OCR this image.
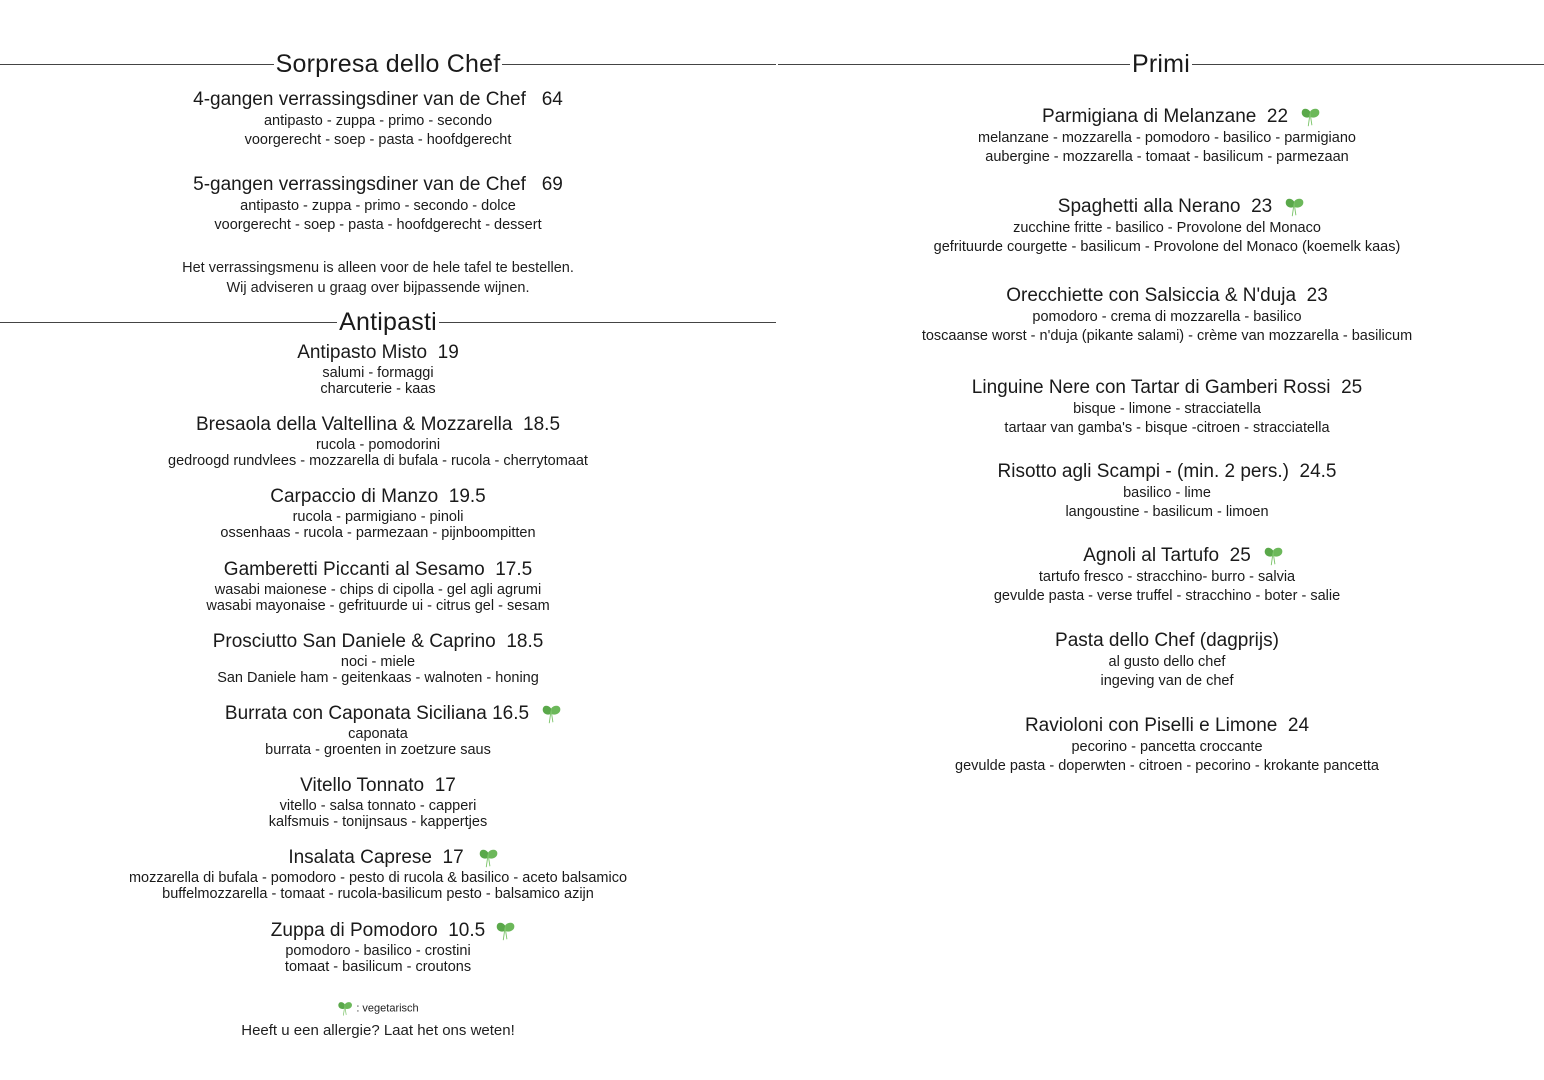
Sorpresa dello Chef
4-gangen verrassingsdiner van de Chef
64
antipasto - zuppa - primo - secondo
voorgerecht - soep - pasta - hoofdgerecht
5-gangen verrassingsdiner van de Chef
69
antipasto - zuppa - primo - secondo - dolce
voorgerecht - soep - pasta - hoofdgerecht - dessert
Het verrassingsmenu is alleen voor de hele tafel te bestellen.
Wij adviseren u graag over bijpassende wijnen.
Antipasti
Antipasto Misto
19
salumi - formaggi
charcuterie - kaas
Bresaola della Valtellina & Mozzarella
18.5
rucola - pomodorini
gedroogd rundvlees - mozzarella di bufala - rucola - cherrytomaat
Carpaccio di Manzo
19.5
rucola - parmigiano - pinoli
ossenhaas - rucola - parmezaan - pijnboompitten
Gamberetti Piccanti al Sesamo
17.5
wasabi maionese - chips di cipolla - gel agli agrumi
wasabi mayonaise - gefrituurde ui - citrus gel - sesam
Prosciutto San Daniele & Caprino
18.5
noci - miele
San Daniele ham - geitenkaas - walnoten - honing
Burrata con Caponata Siciliana
16.5
caponata
burrata - groenten in zoetzure saus
Vitello Tonnato
17
vitello - salsa tonnato - capperi
kalfsmuis - tonijnsaus - kappertjes
Insalata Caprese
17
mozzarella di bufala - pomodoro - pesto di rucola & basilico - aceto balsamico
buffelmozzarella - tomaat - rucola-basilicum pesto - balsamico azijn
Zuppa di Pomodoro
10.5
pomodoro - basilico - crostini
tomaat - basilicum - croutons
: vegetarisch
Heeft u een allergie? Laat het ons weten!
Primi
Parmigiana di Melanzane
22
melanzane - mozzarella - pomodoro - basilico - parmigiano
aubergine - mozzarella - tomaat - basilicum - parmezaan
Spaghetti alla Nerano
23
zucchine fritte - basilico - Provolone del Monaco
gefrituurde courgette - basilicum - Provolone del Monaco (koemelk kaas)
Orecchiette con Salsiccia & N'duja
23
pomodoro - crema di mozzarella - basilico
toscaanse worst - n'duja (pikante salami) - crème van mozzarella - basilicum
Linguine Nere con Tartar di Gamberi Rossi
25
bisque - limone - stracciatella
tartaar van gamba's - bisque -citroen - stracciatella
Risotto agli Scampi - (min. 2 pers.)
24.5
basilico - lime
langoustine - basilicum - limoen
Agnoli al Tartufo
25
tartufo fresco - stracchino- burro - salvia
gevulde pasta - verse truffel - stracchino - boter - salie
Pasta dello Chef (dagprijs)
al gusto dello chef
ingeving van de chef
Ravioloni con Piselli e Limone
24
pecorino - pancetta croccante
gevulde pasta - doperwten - citroen - pecorino - krokante pancetta
